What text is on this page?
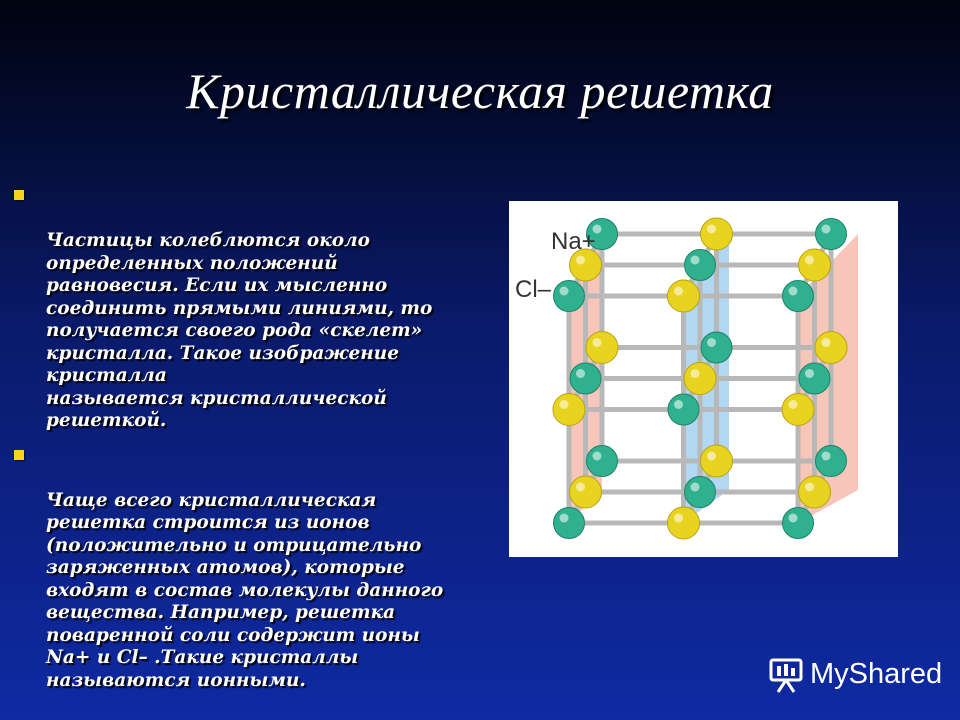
Кристаллическая решетка

Частицы колеблются около
определенных положений
равновесия. Если их мысленно
соединить прямыми линиями, то
получается своего рода «скелет»
кристалла. Такое изображение
кристалла
называется кристаллической
решеткой.

Чаще всего кристаллическая
решетка строится из ионов
(положительно и отрицательно
заряженных атомов), которые
входят в состав молекулы данного
вещества. Например, решетка
поваренной соли содержит ионы
Na+ и Cl– .Такие кристаллы
называются ионными.

Na+
Cl–
MyShared
